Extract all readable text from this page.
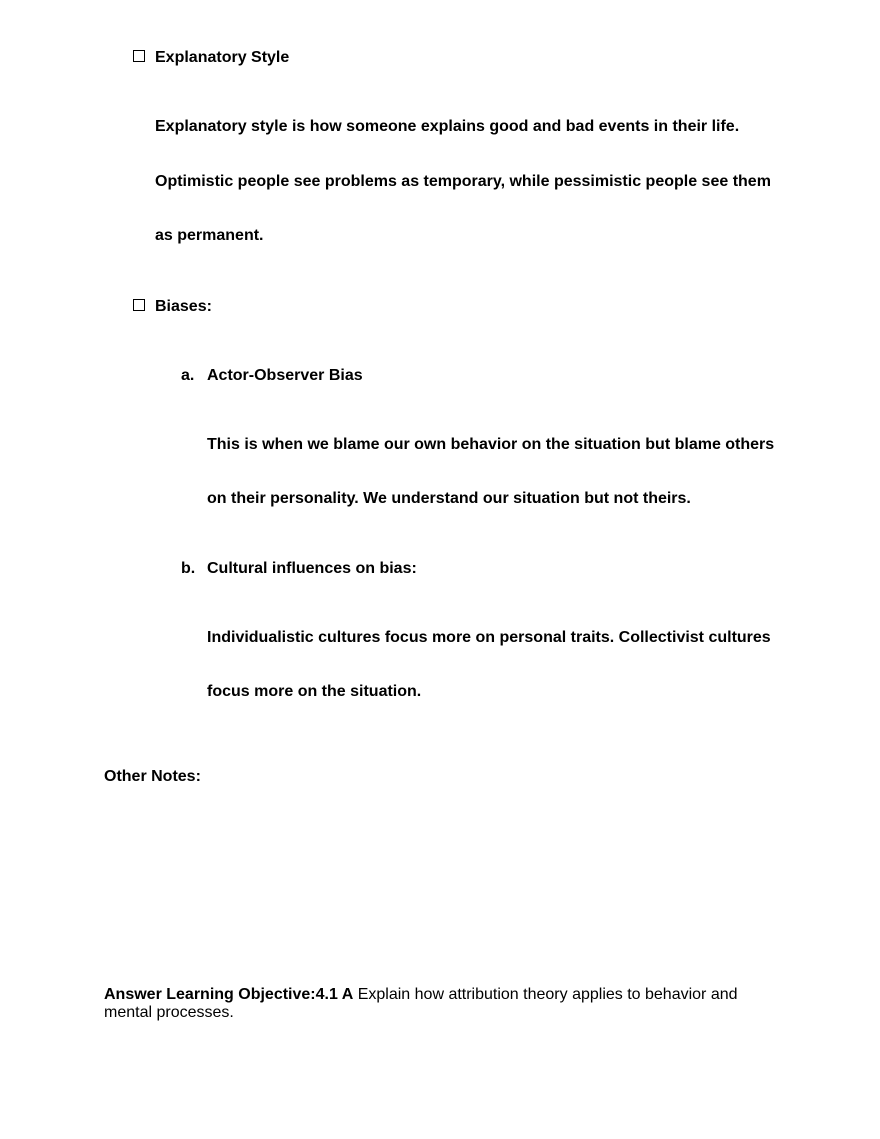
Explanatory Style
Explanatory style is how someone explains good and bad events in their life.
Optimistic people see problems as temporary, while pessimistic people see them
as permanent.
Biases:
a. Actor-Observer Bias
This is when we blame our own behavior on the situation but blame others
on their personality. We understand our situation but not theirs.
b. Cultural influences on bias:
Individualistic cultures focus more on personal traits. Collectivist cultures
focus more on the situation.
Other Notes:
Answer Learning Objective:4.1 A Explain how attribution theory applies to behavior and mental processes.
